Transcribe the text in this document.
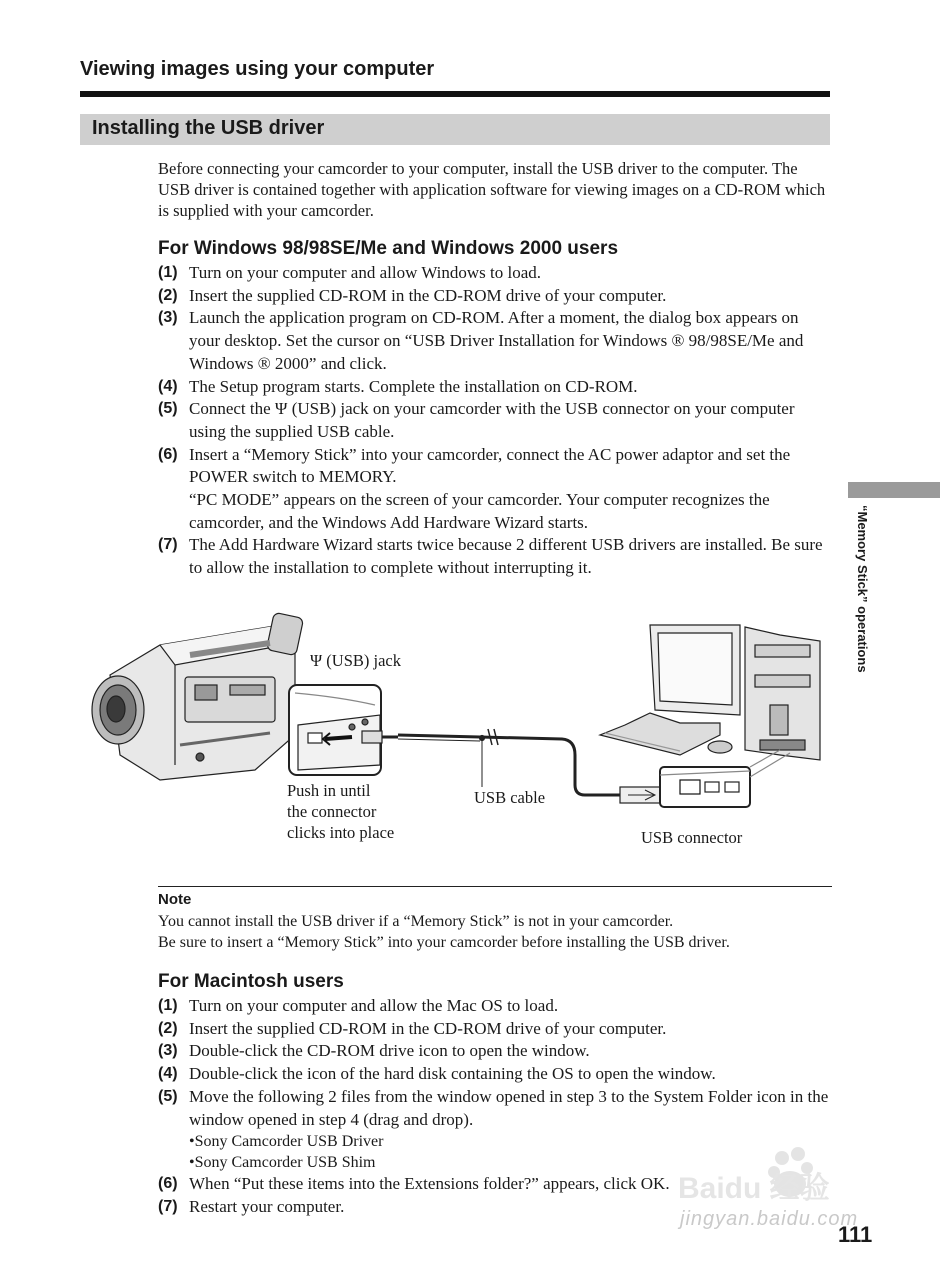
Viewing images using your computer
Installing the USB driver
Before connecting your camcorder to your computer, install the USB driver to the computer. The USB driver is contained together with application software for viewing images on a CD-ROM which is supplied with your camcorder.
For Windows 98/98SE/Me and Windows 2000 users
(1) Turn on your computer and allow Windows to load.
(2) Insert the supplied CD-ROM in the CD-ROM drive of your computer.
(3) Launch the application program on CD-ROM. After a moment, the dialog box appears on your desktop. Set the cursor on “USB Driver Installation for Windows ® 98/98SE/Me and Windows ® 2000” and click.
(4) The Setup program starts. Complete the installation on CD-ROM.
(5) Connect the Ψ (USB) jack on your camcorder with the USB connector on your computer using the supplied USB cable.
(6) Insert a “Memory Stick” into your camcorder, connect the AC power adaptor and set the POWER switch to MEMORY.
“PC MODE” appears on the screen of your camcorder. Your computer recognizes the camcorder, and the Windows Add Hardware Wizard starts.
(7) The Add Hardware Wizard starts twice because 2 different USB drivers are installed. Be sure to allow the installation to complete without interrupting it.	“Memory Stick” operations
Ψ (USB) jack
Push in until
the connector
clicks into place
USB cable
USB connector
Note
You cannot install the USB driver if a “Memory Stick” is not in your camcorder.
Be sure to insert a “Memory Stick” into your camcorder before installing the USB driver.
For Macintosh users
(1) Turn on your computer and allow the Mac OS to load.
(2) Insert the supplied CD-ROM in the CD-ROM drive of your computer.
(3) Double-click the CD-ROM drive icon to open the window.
(4) Double-click the icon of the hard disk containing the OS to open the window.
(5) Move the following 2 files from the window opened in step 3 to the System Folder icon in the window opened in step 4 (drag and drop).
•Sony Camcorder USB Driver
•Sony Camcorder USB Shim
(6) When “Put these items into the Extensions folder?” appears, click OK.
(7) Restart your computer.
Baidu 经验
jingyan.baidu.com
111
